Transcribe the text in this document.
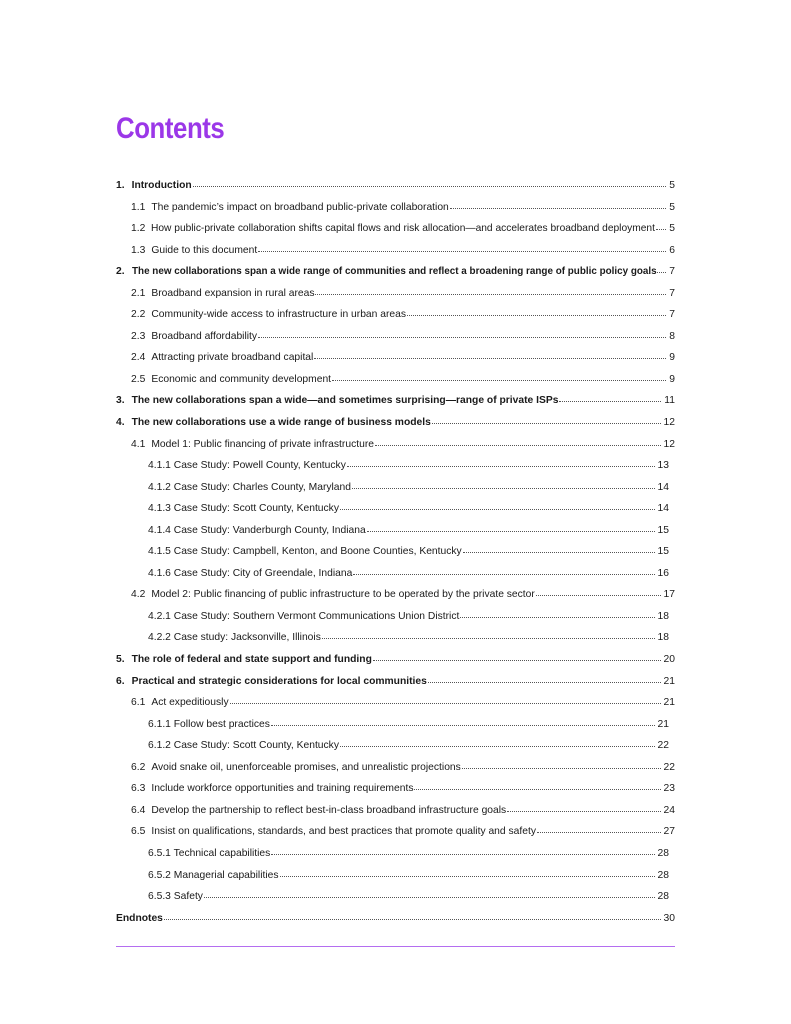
Contents
1. Introduction	5
1.1 The pandemic’s impact on broadband public-private collaboration	5
1.2 How public-private collaboration shifts capital flows and risk allocation—and accelerates broadband deployment 5
1.3 Guide to this document	6
2. The new collaborations span a wide range of communities and reflect a broadening range of public policy goals 7
2.1 Broadband expansion in rural areas	7
2.2 Community-wide access to infrastructure in urban areas	7
2.3 Broadband affordability	8
2.4 Attracting private broadband capital	9
2.5 Economic and community development	9
3. The new collaborations span a wide—and sometimes surprising—range of private ISPs	11
4. The new collaborations use a wide range of business models	12
4.1 Model 1: Public financing of private infrastructure	12
4.1.1 Case Study: Powell County, Kentucky	13
4.1.2 Case Study: Charles County, Maryland	14
4.1.3 Case Study: Scott County, Kentucky	14
4.1.4 Case Study: Vanderburgh County, Indiana	15
4.1.5 Case Study: Campbell, Kenton, and Boone Counties, Kentucky	15
4.1.6 Case Study: City of Greendale, Indiana	16
4.2 Model 2: Public financing of public infrastructure to be operated by the private sector	17
4.2.1 Case Study: Southern Vermont Communications Union District	18
4.2.2 Case study: Jacksonville, Illinois	18
5. The role of federal and state support and funding	20
6. Practical and strategic considerations for local communities	21
6.1 Act expeditiously	21
6.1.1 Follow best practices	21
6.1.2 Case Study: Scott County, Kentucky	22
6.2 Avoid snake oil, unenforceable promises, and unrealistic projections	22
6.3 Include workforce opportunities and training requirements	23
6.4 Develop the partnership to reflect best-in-class broadband infrastructure goals	24
6.5 Insist on qualifications, standards, and best practices that promote quality and safety	27
6.5.1 Technical capabilities	28
6.5.2 Managerial capabilities	28
6.5.3 Safety	28
Endnotes	30
